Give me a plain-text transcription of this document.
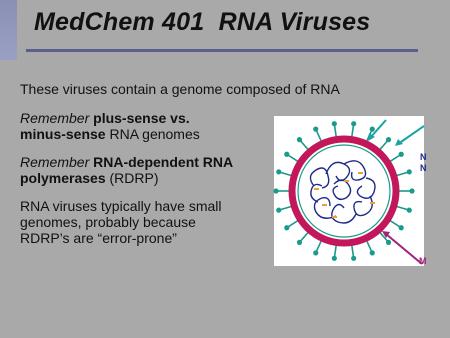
MedChem 401  RNA Viruses
These viruses contain a genome composed of RNA
Remember plus-sense vs.
minus-sense RNA genomes
Remember RNA-dependent RNA
polymerases (RDRP)
RNA viruses typically have small
genomes, probably because
RDRP’s are “error-prone”
N
N
M
